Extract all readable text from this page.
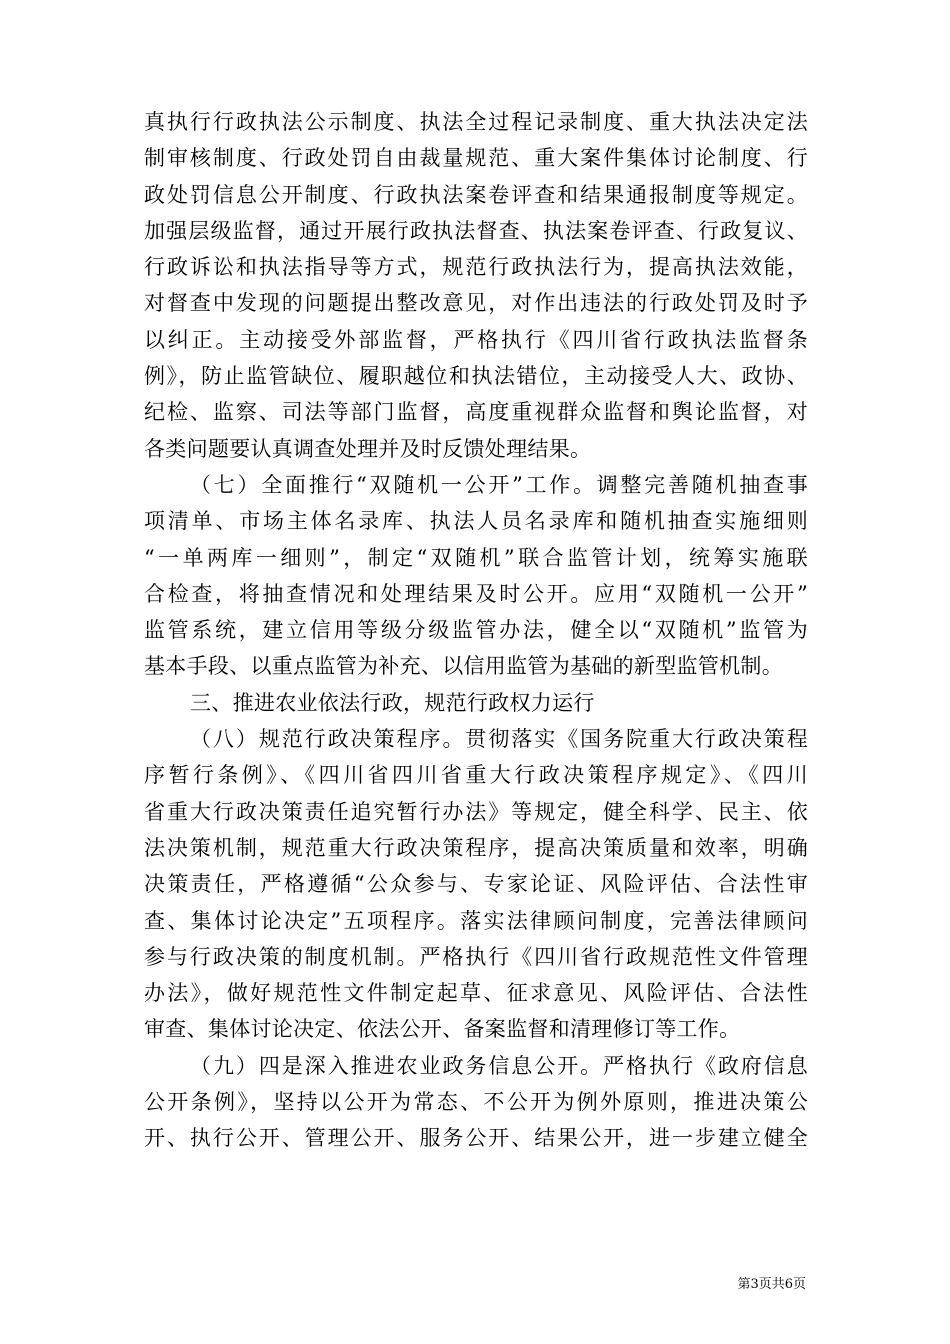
真执行行政执法公示制度、执法全过程记录制度、重大执法决定法
制审核制度、行政处罚自由裁量规范、重大案件集体讨论制度、行
政处罚信息公开制度、行政执法案卷评查和结果通报制度等规定。
加强层级监督，通过开展行政执法督查、执法案卷评查、行政复议、
行政诉讼和执法指导等方式，规范行政执法行为，提高执法效能，
对督查中发现的问题提出整改意见，对作出违法的行政处罚及时予
以纠正。主动接受外部监督，严格执行《四川省行政执法监督条
例》，防止监管缺位、履职越位和执法错位，主动接受人大、政协、
纪检、监察、司法等部门监督，高度重视群众监督和舆论监督，对
各类问题要认真调查处理并及时反馈处理结果。
（七）全面推行“双随机一公开”工作。调整完善随机抽查事
项清单、市场主体名录库、执法人员名录库和随机抽查实施细则
“一单两库一细则”，制定“双随机”联合监管计划，统筹实施联
合检查，将抽查情况和处理结果及时公开。应用“双随机一公开”
监管系统，建立信用等级分级监管办法，健全以“双随机”监管为
基本手段、以重点监管为补充、以信用监管为基础的新型监管机制。
三、推进农业依法行政，规范行政权力运行
（八）规范行政决策程序。贯彻落实《国务院重大行政决策程
序暂行条例》、《四川省四川省重大行政决策程序规定》、《四川
省重大行政决策责任追究暂行办法》等规定，健全科学、民主、依
法决策机制，规范重大行政决策程序，提高决策质量和效率，明确
决策责任，严格遵循“公众参与、专家论证、风险评估、合法性审
查、集体讨论决定”五项程序。落实法律顾问制度，完善法律顾问
参与行政决策的制度机制。严格执行《四川省行政规范性文件管理
办法》，做好规范性文件制定起草、征求意见、风险评估、合法性
审查、集体讨论决定、依法公开、备案监督和清理修订等工作。
（九）四是深入推进农业政务信息公开。严格执行《政府信息
公开条例》，坚持以公开为常态、不公开为例外原则，推进决策公
开、执行公开、管理公开、服务公开、结果公开，进一步建立健全
第3页共6页
